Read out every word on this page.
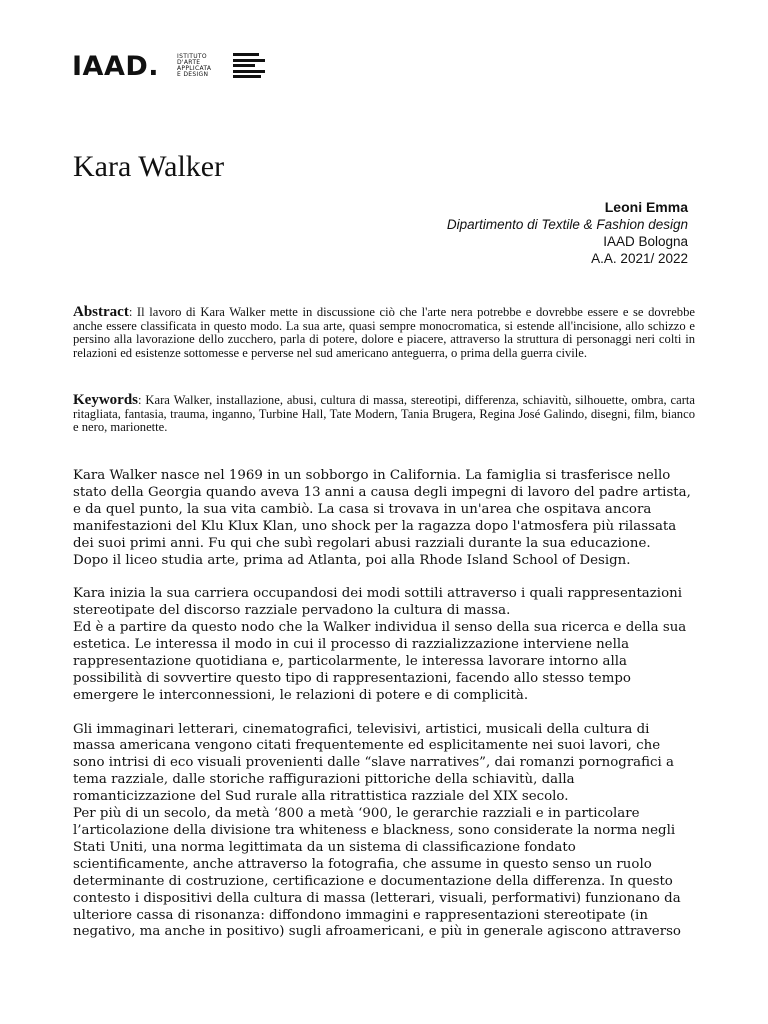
IAAD.	ISTITUTO
D'ARTE
APPLICATA
E DESIGN
Kara Walker
Leoni Emma
Dipartimento di Textile & Fashion design
IAAD Bologna
A.A. 2021/ 2022
Abstract: Il lavoro di Kara Walker mette in discussione ciò che l'arte nera potrebbe e dovrebbe essere e se dovrebbe anche essere classificata in questo modo. La sua arte, quasi sempre monocromatica, si estende all'incisione, allo schizzo e persino alla lavorazione dello zucchero, parla di potere, dolore e piacere, attraverso la struttura di personaggi neri colti in relazioni ed esistenze sottomesse e perverse nel sud americano anteguerra, o prima della guerra civile.
Keywords: Kara Walker, installazione, abusi, cultura di massa, stereotipi, differenza, schiavitù, silhouette, ombra, carta ritagliata, fantasia, trauma, inganno, Turbine Hall, Tate Modern, Tania Brugera, Regina José Galindo, disegni, film, bianco e nero, marionette.

Kara Walker nasce nel 1969 in un sobborgo in California. La famiglia si trasferisce nello
stato della Georgia quando aveva 13 anni a causa degli impegni di lavoro del padre artista,
e da quel punto, la sua vita cambiò. La casa si trovava in un'area che ospitava ancora
manifestazioni del Klu Klux Klan, uno shock per la ragazza dopo l'atmosfera più rilassata
dei suoi primi anni. Fu qui che subì regolari abusi razziali durante la sua educazione.
Dopo il liceo studia arte, prima ad Atlanta, poi alla Rhode Island School of Design.

Kara inizia la sua carriera occupandosi dei modi sottili attraverso i quali rappresentazioni
stereotipate del discorso razziale pervadono la cultura di massa.
Ed è a partire da questo nodo che la Walker individua il senso della sua ricerca e della sua
estetica. Le interessa il modo in cui il processo di razzializzazione interviene nella
rappresentazione quotidiana e, particolarmente, le interessa lavorare intorno alla
possibilità di sovvertire questo tipo di rappresentazioni, facendo allo stesso tempo
emergere le interconnessioni, le relazioni di potere e di complicità.

Gli immaginari letterari, cinematografici, televisivi, artistici, musicali della cultura di
massa americana vengono citati frequentemente ed esplicitamente nei suoi lavori, che
sono intrisi di eco visuali provenienti dalle “slave narratives”, dai romanzi pornografici a
tema razziale, dalle storiche raffigurazioni pittoriche della schiavitù, dalla
romanticizzazione del Sud rurale alla ritrattistica razziale del XIX secolo.
Per più di un secolo, da metà ‘800 a metà ‘900, le gerarchie razziali e in particolare
l’articolazione della divisione tra whiteness e blackness, sono considerate la norma negli
Stati Uniti, una norma legittimata da un sistema di classificazione fondato
scientificamente, anche attraverso la fotografia, che assume in questo senso un ruolo
determinante di costruzione, certificazione e documentazione della differenza. In questo
contesto i dispositivi della cultura di massa (letterari, visuali, performativi) funzionano da
ulteriore cassa di risonanza: diffondono immagini e rappresentazioni stereotipate (in
negativo, ma anche in positivo) sugli afroamericani, e più in generale agiscono attraverso
